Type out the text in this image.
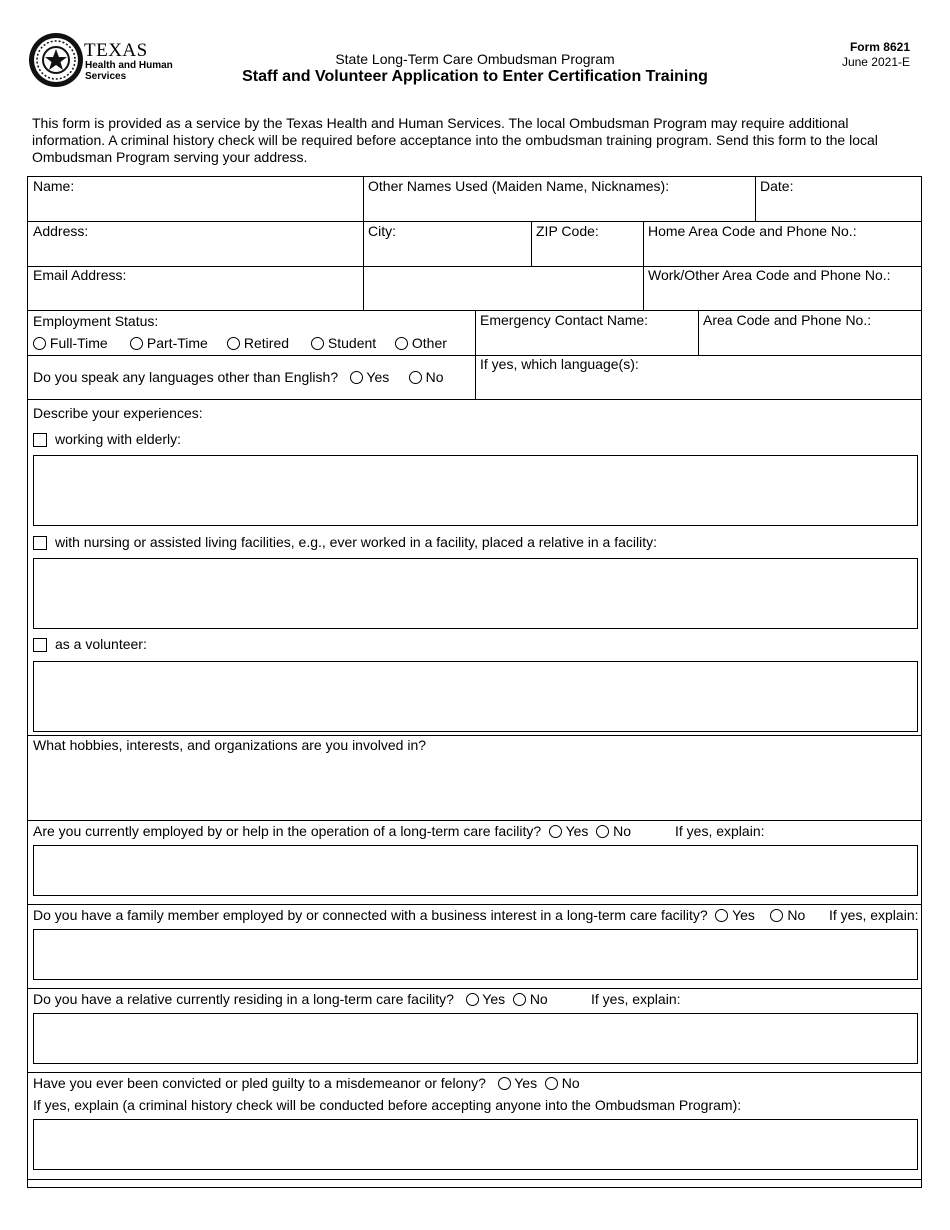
TEXAS
Health and Human Services
State Long-Term Care Ombudsman Program
Staff and Volunteer Application to Enter Certification Training
Form 8621
June 2021-E
This form is provided as a service by the Texas Health and Human Services. The local Ombudsman Program may require additional information. A criminal history check will be required before acceptance into the ombudsman training program. Send this form to the local Ombudsman Program serving your address.
Name:	Other Names Used (Maiden Name, Nicknames):	Date:
Address:	City:	ZIP Code:	Home Area Code and Phone No.:
Email Address:	Work/Other Area Code and Phone No.:
Employment Status:
Full-Time	Part-Time	Retired	Student	Other
Emergency Contact Name:	Area Code and Phone No.:
Do you speak any languages other than English? Yes	No
If yes, which language(s):
Describe your experiences:
working with elderly:
with nursing or assisted living facilities, e.g., ever worked in a facility, placed a relative in a facility:
as a volunteer:
What hobbies, interests, and organizations are you involved in?
Are you currently employed by or help in the operation of a long-term care facility? Yes No	If yes, explain:
Do you have a family member employed by or connected with a business interest in a long-term care facility? Yes No If yes, explain:
Do you have a relative currently residing in a long-term care facility? Yes No	If yes, explain:
Have you ever been convicted or pled guilty to a misdemeanor or felony? Yes No
If yes, explain (a criminal history check will be conducted before accepting anyone into the Ombudsman Program):
